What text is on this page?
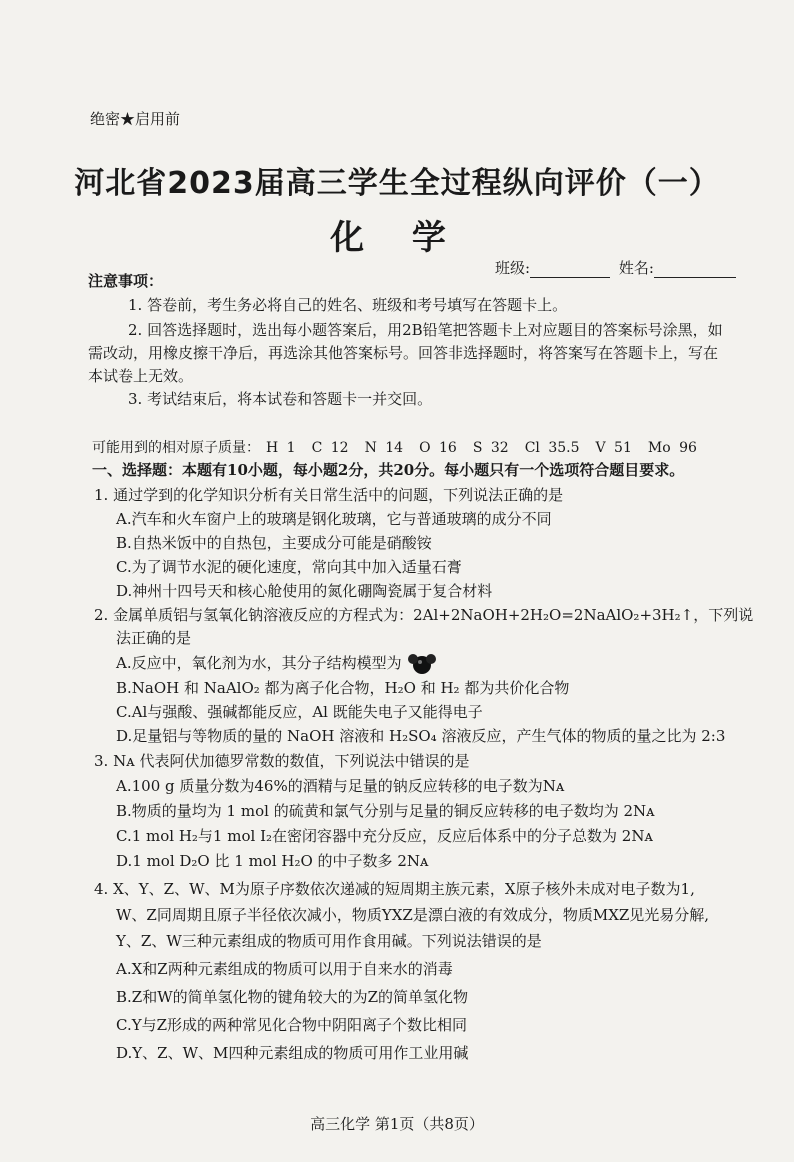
绝密★启用前
河北省2023届高三学生全过程纵向评价（一）
化 学
班级:	姓名:
注意事项：
1. 答卷前，考生务必将自己的姓名、班级和考号填写在答题卡上。
2. 回答选择题时，选出每小题答案后，用2B铅笔把答题卡上对应题目的答案标号涂黑，如需改动，用橡皮擦干净后，再选涂其他答案标号。回答非选择题时，将答案写在答题卡上，写在本试卷上无效。
3. 考试结束后，将本试卷和答题卡一并交回。
可能用到的相对原子质量： H 1 C 12 N 14 O 16 S 32 Cl 35.5 V 51 Mo 96
一、选择题：本题有10小题，每小题2分，共20分。每小题只有一个选项符合题目要求。
1. 通过学到的化学知识分析有关日常生活中的问题，下列说法正确的是
A.汽车和火车窗户上的玻璃是钢化玻璃，它与普通玻璃的成分不同
B.自热米饭中的自热包，主要成分可能是硝酸铵
C.为了调节水泥的硬化速度，常向其中加入适量石膏
D.神州十四号天和核心舱使用的氮化硼陶瓷属于复合材料
2. 金属单质铝与氢氧化钠溶液反应的方程式为：2Al+2NaOH+2H₂O=2NaAlO₂+3H₂↑，下列说
法正确的是
A.反应中，氧化剂为水，其分子结构模型为
B.NaOH 和 NaAlO₂ 都为离子化合物，H₂O 和 H₂ 都为共价化合物
C.Al与强酸、强碱都能反应，Al 既能失电子又能得电子
D.足量铝与等物质的量的 NaOH 溶液和 H₂SO₄ 溶液反应，产生气体的物质的量之比为 2:3
3. Nᴀ 代表阿伏加德罗常数的数值，下列说法中错误的是
A.100 g 质量分数为46%的酒精与足量的钠反应转移的电子数为Nᴀ
B.物质的量均为 1 mol 的硫黄和氯气分别与足量的铜反应转移的电子数均为 2Nᴀ
C.1 mol H₂与1 mol I₂在密闭容器中充分反应，反应后体系中的分子总数为 2Nᴀ
D.1 mol D₂O 比 1 mol H₂O 的中子数多 2Nᴀ
4. X、Y、Z、W、M为原子序数依次递减的短周期主族元素，X原子核外未成对电子数为1,
W、Z同周期且原子半径依次减小，物质YXZ是漂白液的有效成分，物质MXZ见光易分解,
Y、Z、W三种元素组成的物质可用作食用碱。下列说法错误的是
A.X和Z两种元素组成的物质可以用于自来水的消毒
B.Z和W的简单氢化物的键角较大的为Z的简单氢化物
C.Y与Z形成的两种常见化合物中阴阳离子个数比相同
D.Y、Z、W、M四种元素组成的物质可用作工业用碱
高三化学 第1页（共8页）
